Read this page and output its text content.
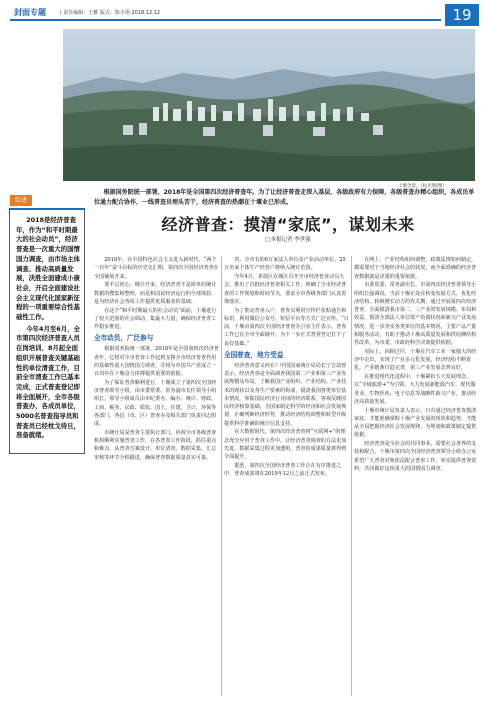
封面专题	| 责任编辑：王雅 版式：陈小艳 2018.12.12	19
十堰全景。（杭光明/图）
综述

2018是经济普查年，作为“和平时期最大的社会动员”，经济普查是一次重大的国情国力调查，由市场主体调查、推动高质量发展，决胜全面建成小康社会，开启全面建设社会主义现代化国家新征程的一项重要综合性基础性工作。

今年4月至6月，全市第四次经济普查人员在岗培训、8月起全面组织开展普查关键基础性的单位清查工作，目前全市清查工作已基本完成，正式普查登记即将全面展开，全市各级普查办、各成员单位，5000名普查指导员和普查员已经枕戈待旦，准备就绪。

根据国务院统一部署，2018年是全国第四次经济普查年。为了让经济普查走深入基层，各级政府有力保障，各级普查办精心组织，各成员单位通力配合协作，一线普查员埋头苦干，经济普查的热潮在十堰业已形成。
经济普查：摸清“家底”，谋划未来
□本报记者 李世强

2018年，在中国特色社会主义进入新时代，“两个一百年”奋斗目标的历史交汇期，第四次全国经济普查在全国铺展开来。

要不忘初心，继往开来，经济普查不是简单的统计数据的搜集和整理，而是和国民经济运行的全部体验，是为经济社会各项工作提供优质服务的基础。

在这个“和平时期最大的社会动员”面前，十堰进行了较大范围的社会调动，集最大力量，确保经济普查工作稳步推进。

全市动员，广泛参与

根据国务院统一部署，2018年是全国第四次经济普查年，它将对全市普查工作起到支撑全市经济普查作用的基础性重大国情国力调查，并将为中国共产党成立一百周年在十堰奋力拼搏提供重要的依据。

为了保证普查顺利进行，十堰成立了第四次全国经济普查领导小组，由市委常委、常务副市长任领导小组组长，领导小组成员由市纪委办、编办、统计、财政、工商、税务、民政、质监、国土、住建、卫计、环保等各部门、各县（市、区）普查办及相关部门负责同志组成。

市统计局是普查主要执行部门，协调全市各级普查机构顺利实施普查工作，在各普查工作阶段，抓住重点和难点，从普查方案设计、单位清查、数据采集、汇总审核等环节全程跟进，确保普查数据质量真实可靠。

省、全市有的6万家法人单位及产业活动单位、25万名家个体生产经营户将纳入统计范围。

今年4月，茅箭区在城区召开全市经济普查动员大会，推出了首批经济普查相关工作，明确了全市经济普查的工作规划和时间节点，要求全市各级各部门认真贯彻落实。

为了推动普查入户，普查员利用宣传栏张贴通告和标语，利用微信公众号、短信平台等方式广泛宣传。“日前，十堰市第四次全国经济普查办公室主任表示，普查工作已在全市全面铺开，为下一步正式普查登记打下了良好基础。”

全国普查，地方受益

经济普查意义何在？中国国家统计局局长宁吉喆曾表示，经济普查是全面调查我国第二产业和第三产业发展规模及布局，了解我国产业组织、产业结构、产业技术的现状以及各生产要素的构成，摸清我国各类单位基本情况，掌握国民经济行业间的经济联系，客观反映国民经济核算基础，为国家制定科学的经济和社会发展规划，正确判断经济形势，推动经济结构调整和转型升级提供科学准确的统计信息支持。

在大数据时代，第四次经济普查将“互联网+”的理念充分应用于普查工作中，让经济普查调查的方法更加先进，数据采集过程更加透明，普查的成果质量将得到全面提升。

据悉，第四次全国经济普查工作正在有序推进之中，普查成果将在2019年12月之前正式发布。

在网上，产业结构如何调整，政策法规如何制定，都需要对于当地经济社会的状况，而全面准确的经济普查数据就是决策的重要依据。

市委常委、常务副市长、市第四次经济普查领导小组组长强调说，当前十堰正处在转变发展方式、优化经济结构、转换增长动力的攻关期，通过开展第四次经济普查，全面摸清我市第二、三产业的发展规模、布局和效益，摸清全部法人单位资产负债状况和新兴产业发展情况，进一步查实各类单位的基本情况，主要产品产量和服务活动，有助于推动十堰高质量发展和供给侧结构性改革，为市委、市政府科学决策提供依据。

实际上，回顾过往，十堰在汽车工业一家独大的经济中走出，实现了产业多元化发展，经济结构不断优化，产业链条日趋完善，第三产业发展态势良好。

在推进现代化进程中，十堰紧扣五大发展理念，以“全域旅游+”为引领，大力发展新能源汽车、现代服务业、生物医药、电子信息等战略性新兴产业，推动经济高质量发展。

十堰市统计局负责人表示，只有通过经济普查摸清家底，才能准确掌握十堰产业发展的现状和趋势，才能从全局把握经济社会发展规律，为规划和政策制定提供依据。

经济普查是全社会的共同事业，需要社会各界的支持和配合。十堰市第四次全国经济普查领导小组办公室希望广大普查对象依法配合普查工作，如实提供普查资料，共同做好这项重大的国情国力调查。
